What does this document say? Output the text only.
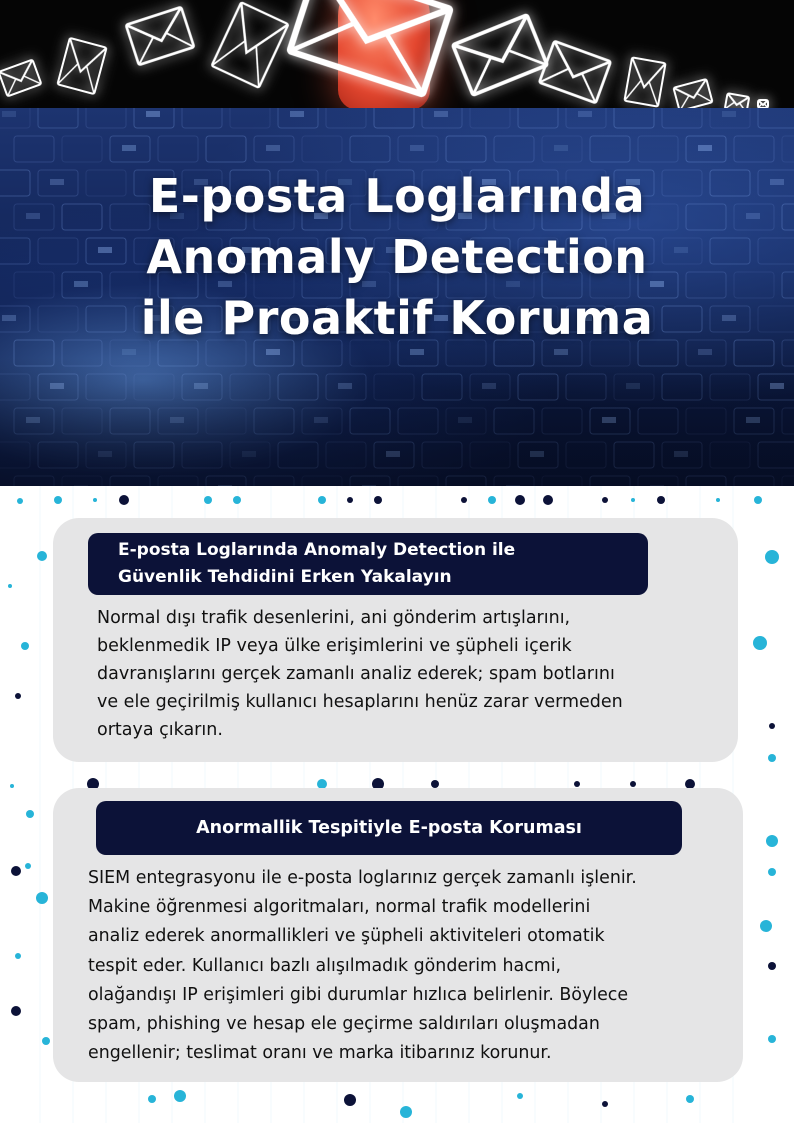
E-posta Loglarında
Anomaly Detection
ile Proaktif Koruma
E-posta Loglarında Anomaly Detection ile
Güvenlik Tehdidini Erken Yakalayın

Normal dışı trafik desenlerini, ani gönderim artışlarını,
beklenmedik IP veya ülke erişimlerini ve şüpheli içerik
davranışlarını gerçek zamanlı analiz ederek; spam botlarını
ve ele geçirilmiş kullanıcı hesaplarını henüz zarar vermeden
ortaya çıkarın.

Anormallik Tespitiyle E-posta Koruması

SIEM entegrasyonu ile e-posta loglarınız gerçek zamanlı işlenir.
Makine öğrenmesi algoritmaları, normal trafik modellerini
analiz ederek anormallikleri ve şüpheli aktiviteleri otomatik
tespit eder. Kullanıcı bazlı alışılmadık gönderim hacmi,
olağandışı IP erişimleri gibi durumlar hızlıca belirlenir. Böylece
spam, phishing ve hesap ele geçirme saldırıları oluşmadan
engellenir; teslimat oranı ve marka itibarınız korunur.
